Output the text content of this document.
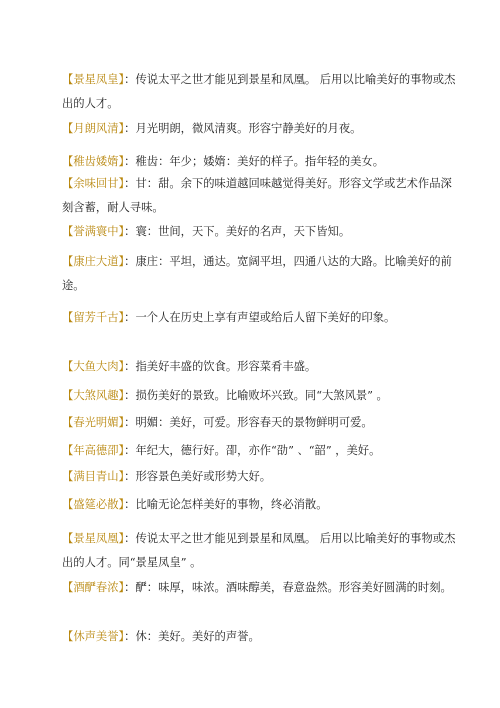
【景星凤皇】：传说太平之世才能见到景星和凤凰。 后用以比喻美好的事物或杰出的人才。
【月朗风清】：月光明朗，微风清爽。形容宁静美好的月夜。
【稚齿婑媠】：稚齿：年少；婑媠：美好的样子。指年轻的美女。
【余味回甘】：甘：甜。余下的味道越回味越觉得美好。形容文学或艺术作品深刻含蓄，耐人寻味。
【誉满寰中】：寰：世间，天下。美好的名声，天下皆知。
【康庄大道】：康庄：平坦，通达。宽阔平坦，四通八达的大路。比喻美好的前途。
【留芳千古】：一个人在历史上享有声望或给后人留下美好的印象。
【大鱼大肉】：指美好丰盛的饮食。形容菜肴丰盛。
【大煞风趣】：损伤美好的景致。比喻败坏兴致。同“大煞风景” 。
【春光明媚】：明媚：美好，可爱。形容春天的景物鲜明可爱。
【年高德卲】：年纪大，德行好。卲，亦作“劭” 、“韶” ，美好。
【满目青山】：形容景色美好或形势大好。
【盛筵必散】：比喻无论怎样美好的事物，终必消散。
【景星凤凰】：传说太平之世才能见到景星和凤凰。 后用以比喻美好的事物或杰出的人才。同“景星凤皇” 。
【酒酽春浓】：酽：味厚，味浓。酒味醇美，春意盎然。形容美好圆满的时刻。
【休声美誉】：休：美好。美好的声誉。
